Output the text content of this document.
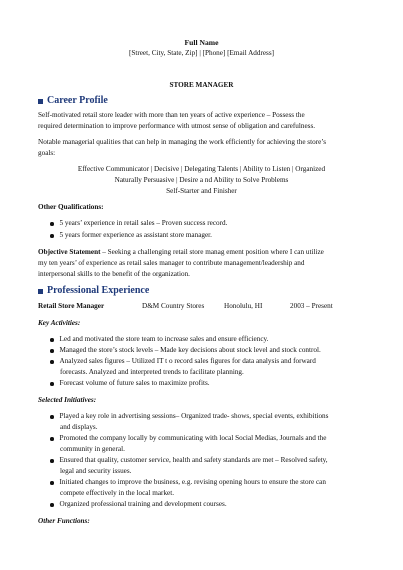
Full Name
[Street, City, State, Zip] | [Phone] [Email Address]
STORE MANAGER
Career Profile
Self-motivated retail store leader with more than ten years of active experience – Possess the
required determination to improve performance with utmost sense of obligation and carefulness.
Notable managerial qualities that can help in managing the work efficiently for achieving the store’s
goals:
Effective Communicator | Decisive | Delegating Talents | Ability to Listen | Organized
Naturally Persuasive | Desire a nd Ability to Solve Problems
Self-Starter and Finisher
Other Qualifications:
5 years’ experience in retail sales – Proven success record.
5 years former experience as assistant store manager.
Objective Statement – Seeking a challenging retail store manag ement position where I can utilize
my ten years’ of experience as retail sales manager to contribute management/leadership and
interpersonal skills to the benefit of the organization.
Professional Experience
Retail Store Manager	D&M Country Stores	Honolulu, HI	2003 – Present
Key Activities:
Led and motivated the store team to increase sales and ensure efficiency.
Managed the store’s stock levels – Made key decisions about stock level and stock control.
Analyzed sales figures – Utilized IT t o record sales figures for data analysis and forward
forecasts. Analyzed and interpreted trends to facilitate planning.
Forecast volume of future sales to maximize profits.
Selected Initiatives:
Played a key role in advertising sessions– Organized trade- shows, special events, exhibitions
and displays.
Promoted the company locally by communicating with local Social Medias, Journals and the
community in general.
Ensured that quality, customer service, health and safety standards are met – Resolved safety,
legal and security issues.
Initiated changes to improve the business, e.g. revising opening hours to ensure the store can
compete effectively in the local market.
Organized professional training and development courses.
Other Functions:
